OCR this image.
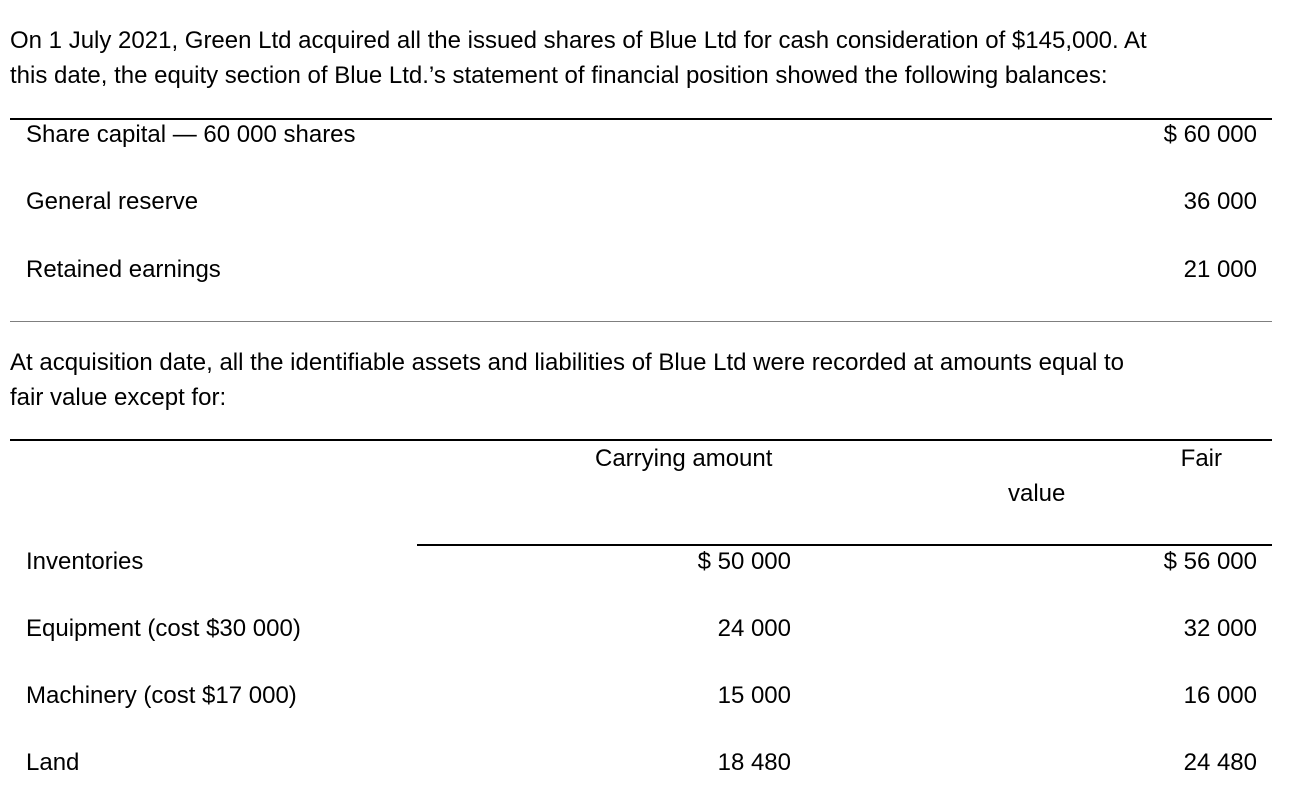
On 1 July 2021, Green Ltd acquired all the issued shares of Blue Ltd for cash consideration of $145,000. At
this date, the equity section of Blue Ltd.’s statement of financial position showed the following balances:
Share capital — 60 000 shares	$ 60 000
General reserve	36 000
Retained earnings	21 000
At acquisition date, all the identifiable assets and liabilities of Blue Ltd were recorded at amounts equal to
fair value except for:
Carrying amount	Fair
value
Inventories	$ 50 000	$ 56 000
Equipment (cost $30 000)	24 000	32 000
Machinery (cost $17 000)	15 000	16 000
Land	18 480	24 480
